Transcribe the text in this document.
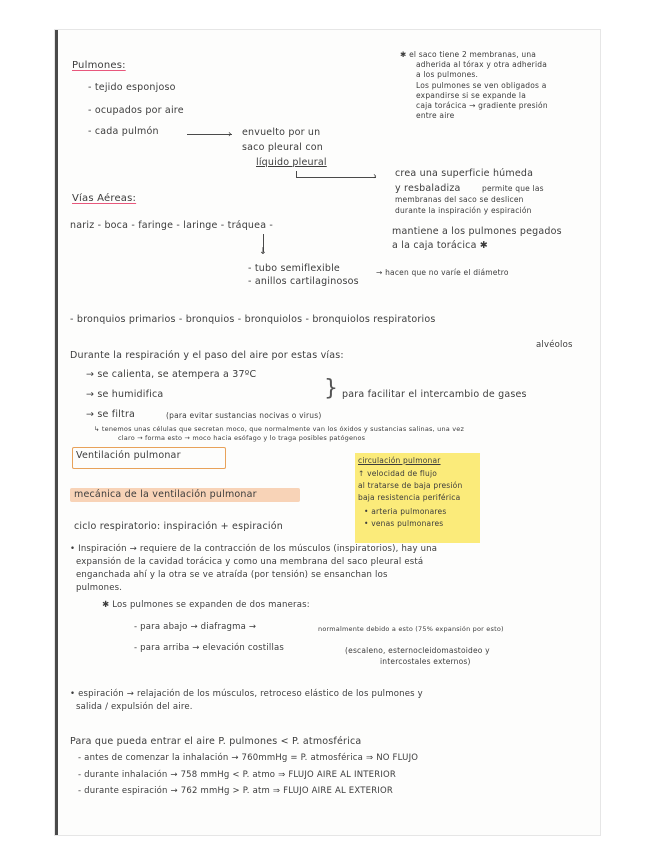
Pulmones:
- tejido esponjoso
- ocupados por aire
- cada pulmón	› envuelto por un
saco pleural con
líquido pleural
› crea una superficie húmeda
y resbaladiza	permite que las
membranas del saco se deslicen
durante la inspiración y espiración
mantiene a los pulmones pegados
a la caja torácica ✱
✱ el saco tiene 2 membranas, una
adherida al tórax y otra adherida
a los pulmones.
Los pulmones se ven obligados a
expandirse si se expande la
caja torácica → gradiente presión
entre aire
Vías Aéreas:
nariz - boca - faringe - laringe - tráquea -
↓
- tubo semiflexible
- anillos cartilaginosos
→ hacen que no varíe el diámetro
- bronquios primarios - bronquios - bronquiolos - bronquiolos respiratorios
alvéolos
Durante la respiración y el paso del aire por estas vías:
→ se calienta, se atempera a 37ºC
→ se humidifica
→ se filtra	(para evitar sustancias nocivas o virus)
} para facilitar el intercambio de gases
↳ tenemos unas células que secretan moco, que normalmente van los óxidos y sustancias salinas, una vez
claro → forma esto → moco hacia esófago y lo traga posibles patógenos
Ventilación pulmonar
mecánica de la ventilación pulmonar
ciclo respiratorio: inspiración + espiración
circulación pulmonar
↑ velocidad de flujo
al tratarse de baja presión
baja resistencia periférica
• arteria pulmonares
• venas pulmonares
• Inspiración → requiere de la contracción de los músculos (inspiratorios), hay una
expansión de la cavidad torácica y como una membrana del saco pleural está
enganchada ahí y la otra se ve atraída (por tensión) se ensanchan los
pulmones.
✱ Los pulmones se expanden de dos maneras:
- para abajo → diafragma →	normalmente debido a esto (75% expansión por esto)
- para arriba → elevación costillas	(escaleno, esternocleidomastoideo y
intercostales externos)
• espiración → relajación de los músculos, retroceso elástico de los pulmones y
salida / expulsión del aire.
Para que pueda entrar el aire P. pulmones < P. atmosférica
- antes de comenzar la inhalación → 760mmHg = P. atmosférica ⇒ NO FLUJO
- durante inhalación → 758 mmHg < P. atmo ⇒ FLUJO AIRE AL INTERIOR
- durante espiración → 762 mmHg > P. atm ⇒ FLUJO AIRE AL EXTERIOR
